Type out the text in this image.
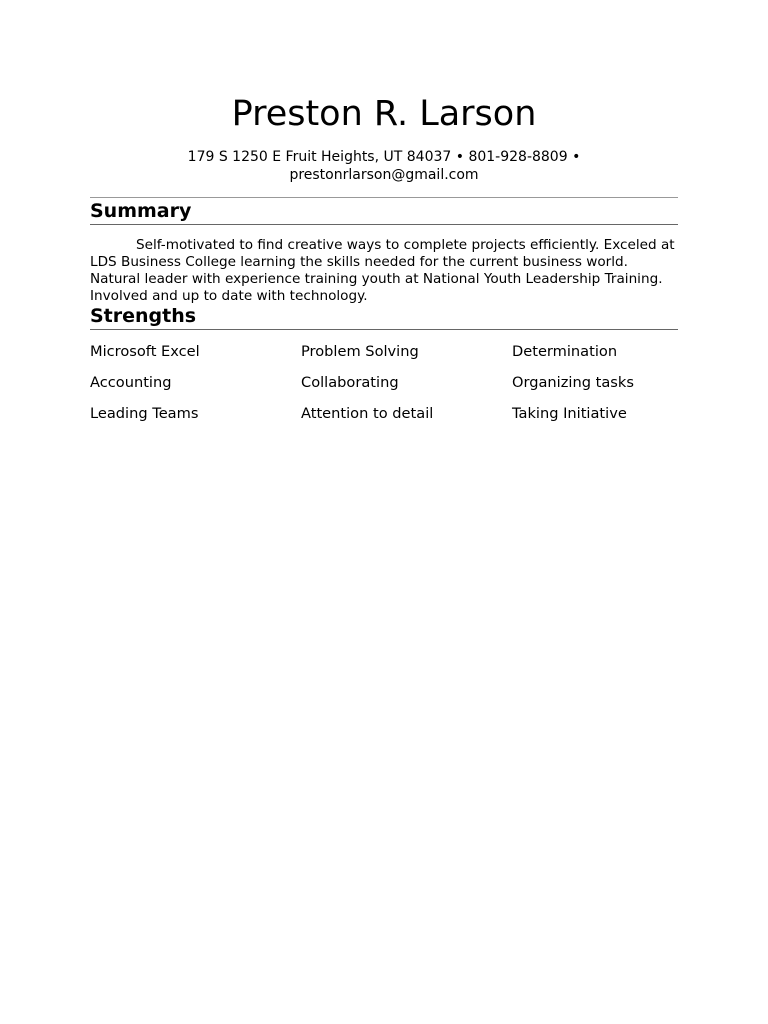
Preston R. Larson
179 S 1250 E Fruit Heights, UT 84037 • 801-928-8809 •
prestonrlarson@gmail.com
Summary

Self-motivated to find creative ways to complete projects efficiently. Exceled at LDS Business College learning the skills needed for the current business world. Natural leader with experience training youth at National Youth Leadership Training. Involved and up to date with technology.

Strengths
Microsoft Excel	Problem Solving	Determination
Accounting	Collaborating	Organizing tasks
Leading Teams	Attention to detail	Taking Initiative
